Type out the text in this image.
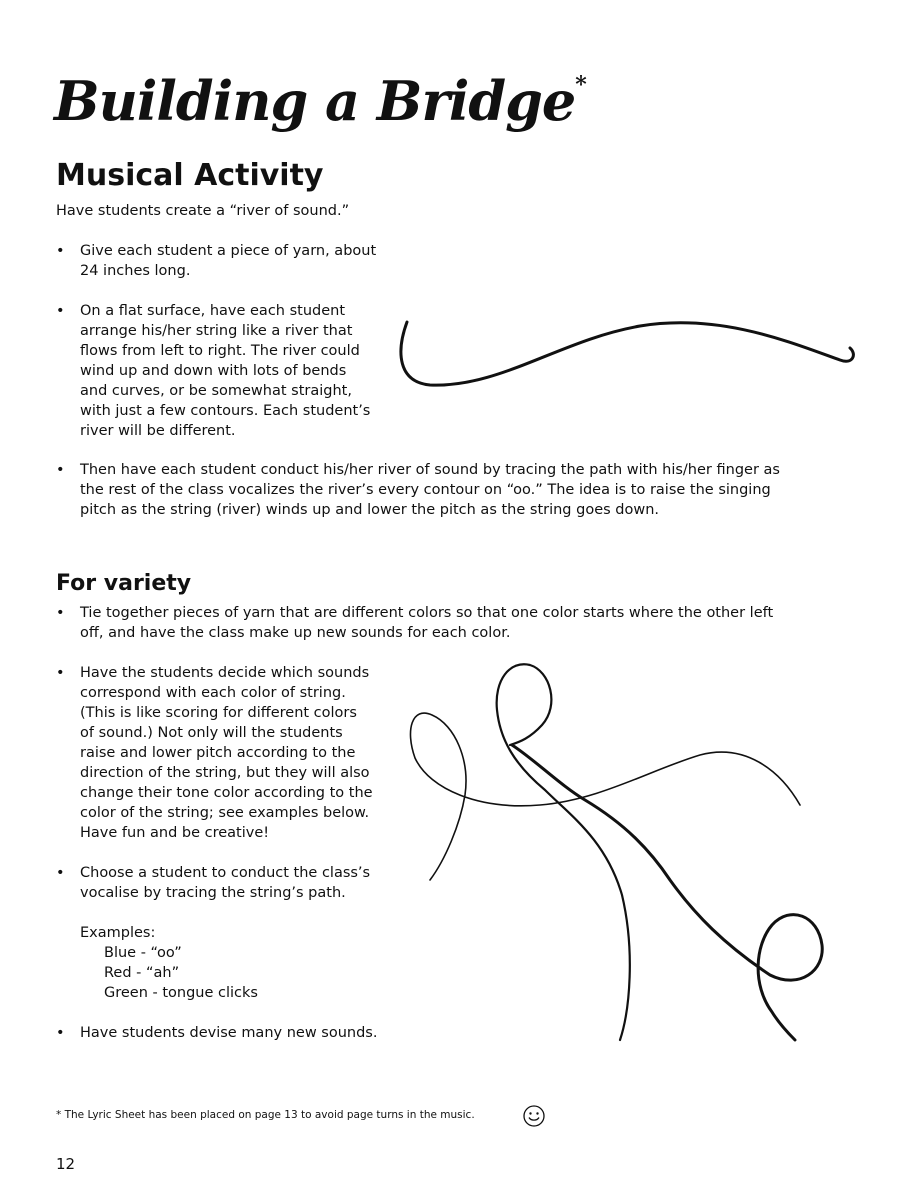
Building a Bridge*
Musical Activity
Have students create a “river of sound.”
• Give each student a piece of yarn, about
24 inches long.
• On a flat surface, have each student
arrange his/her string like a river that
flows from left to right. The river could
wind up and down with lots of bends
and curves, or be somewhat straight,
with just a few contours. Each student’s
river will be different.
• Then have each student conduct his/her river of sound by tracing the path with his/her finger as
the rest of the class vocalizes the river’s every contour on “oo.” The idea is to raise the singing
pitch as the string (river) winds up and lower the pitch as the string goes down.
For variety
• Tie together pieces of yarn that are different colors so that one color starts where the other left
off, and have the class make up new sounds for each color.
• Have the students decide which sounds
correspond with each color of string.
(This is like scoring for different colors
of sound.) Not only will the students
raise and lower pitch according to the
direction of the string, but they will also
change their tone color according to the
color of the string; see examples below.
Have fun and be creative!
• Choose a student to conduct the class’s
vocalise by tracing the string’s path.
Examples:
Blue - “oo”
Red - “ah”
Green - tongue clicks
• Have students devise many new sounds.
* The Lyric Sheet has been placed on page 13 to avoid page turns in the music.
12
